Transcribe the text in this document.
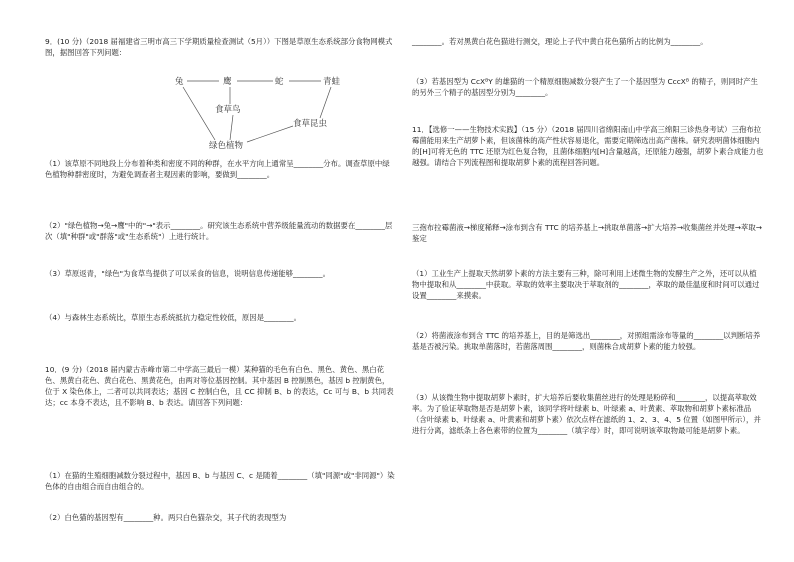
9．(10 分)（2018 届福建省三明市高三下学期质量检查测试（5月））下图是草原生态系统部分食物网模式图，据图回答下列问题：
兔	鹰	蛇	青蛙
食草鸟
食草昆虫
绿色植物
（1）该草原不同地段上分布着种类和密度不同的种群，在水平方向上通常呈________分布。调查草原中绿色植物种群密度时，为避免调查者主观因素的影响，要做到________。
（2）"绿色植物→兔→鹰"中的"→"表示________。研究该生态系统中营养级能量流动的数据要在________层次（填"种群"或"群落"或"生态系统"）上进行统计。
（3）草原返青，"绿色"为食草鸟提供了可以采食的信息，说明信息传递能够________。
（4）与森林生态系统比，草原生态系统抵抗力稳定性较低，原因是________。
10．(9 分)（2018 届内蒙古赤峰市第二中学高三最后一模）某种猫的毛色有白色、黑色、黄色、黑白花色、黑黄白花色、黄白花色、黑黄花色，由两对等位基因控制。其中基因 B 控制黑色，基因 b 控制黄色，位于 X 染色体上，二者可以共同表达；基因 C 控制白色，且 CC 抑制 B、b 的表达，Cc 可与 B、b 共同表达；cc 本身不表达，且不影响 B、b 表达。请回答下列问题：
（1）在猫的生殖细胞减数分裂过程中，基因 B、b 与基因 C、c 是随着________（填"同源"或"非同源"）染色体的自由组合而自由组合的。
（2）白色猫的基因型有________种。两只白色猫杂交，其子代的表现型为
________。若对黑黄白花色猫进行测交，理论上子代中黄白花色猫所占的比例为________。
（3）若基因型为 CcXᴮY 的雄猫的一个精原细胞减数分裂产生了一个基因型为 CccXᴮ 的精子，则同时产生的另外三个精子的基因型分别为________。
11．【选修一——生物技术实践】（15 分）（2018 届四川省绵阳南山中学高三绵阳三诊热身考试）三孢布拉霉菌能用来生产胡萝卜素，但该菌株的高产性状容易退化，需要定期筛选出高产菌株。研究表明菌体细胞内的[H]可将无色的 TTC 还原为红色复合物，且菌体细胞内[H]含量越高，还原能力越强，胡萝卜素合成能力也越强。请结合下列流程图和提取胡萝卜素的流程回答问题。
三孢布拉霉菌液→梯度稀释→涂布到含有 TTC 的培养基上→挑取单菌落→扩大培养→收集菌丝并处理→萃取→鉴定
（1）工业生产上提取天然胡萝卜素的方法主要有三种，除可利用上述微生物的发酵生产之外，还可以从植物中提取和从________中获取。萃取的效率主要取决于萃取剂的________，萃取的最佳温度和时间可以通过设置________来摸索。
（2）将菌液涂布到含 TTC 的培养基上，目的是筛选出________，对照组需涂布等量的________以判断培养基是否被污染。挑取单菌落时，若菌落周围________，则菌株合成胡萝卜素的能力较强。
（3）从该微生物中提取胡萝卜素时，扩大培养后要收集菌丝进行的处理是粉碎和________，以提高萃取效率。为了验证萃取物是否是胡萝卜素，该同学将叶绿素 b、叶绿素 a、叶黄素、萃取物和胡萝卜素标准品（含叶绿素 b、叶绿素 a、叶黄素和胡萝卜素）依次点样在滤纸的 1、2、3、4、5 位置（如图甲所示），并进行分离，滤纸条上各色素带的位置为________（填字母）时，即可说明该萃取物最可能是胡萝卜素。
